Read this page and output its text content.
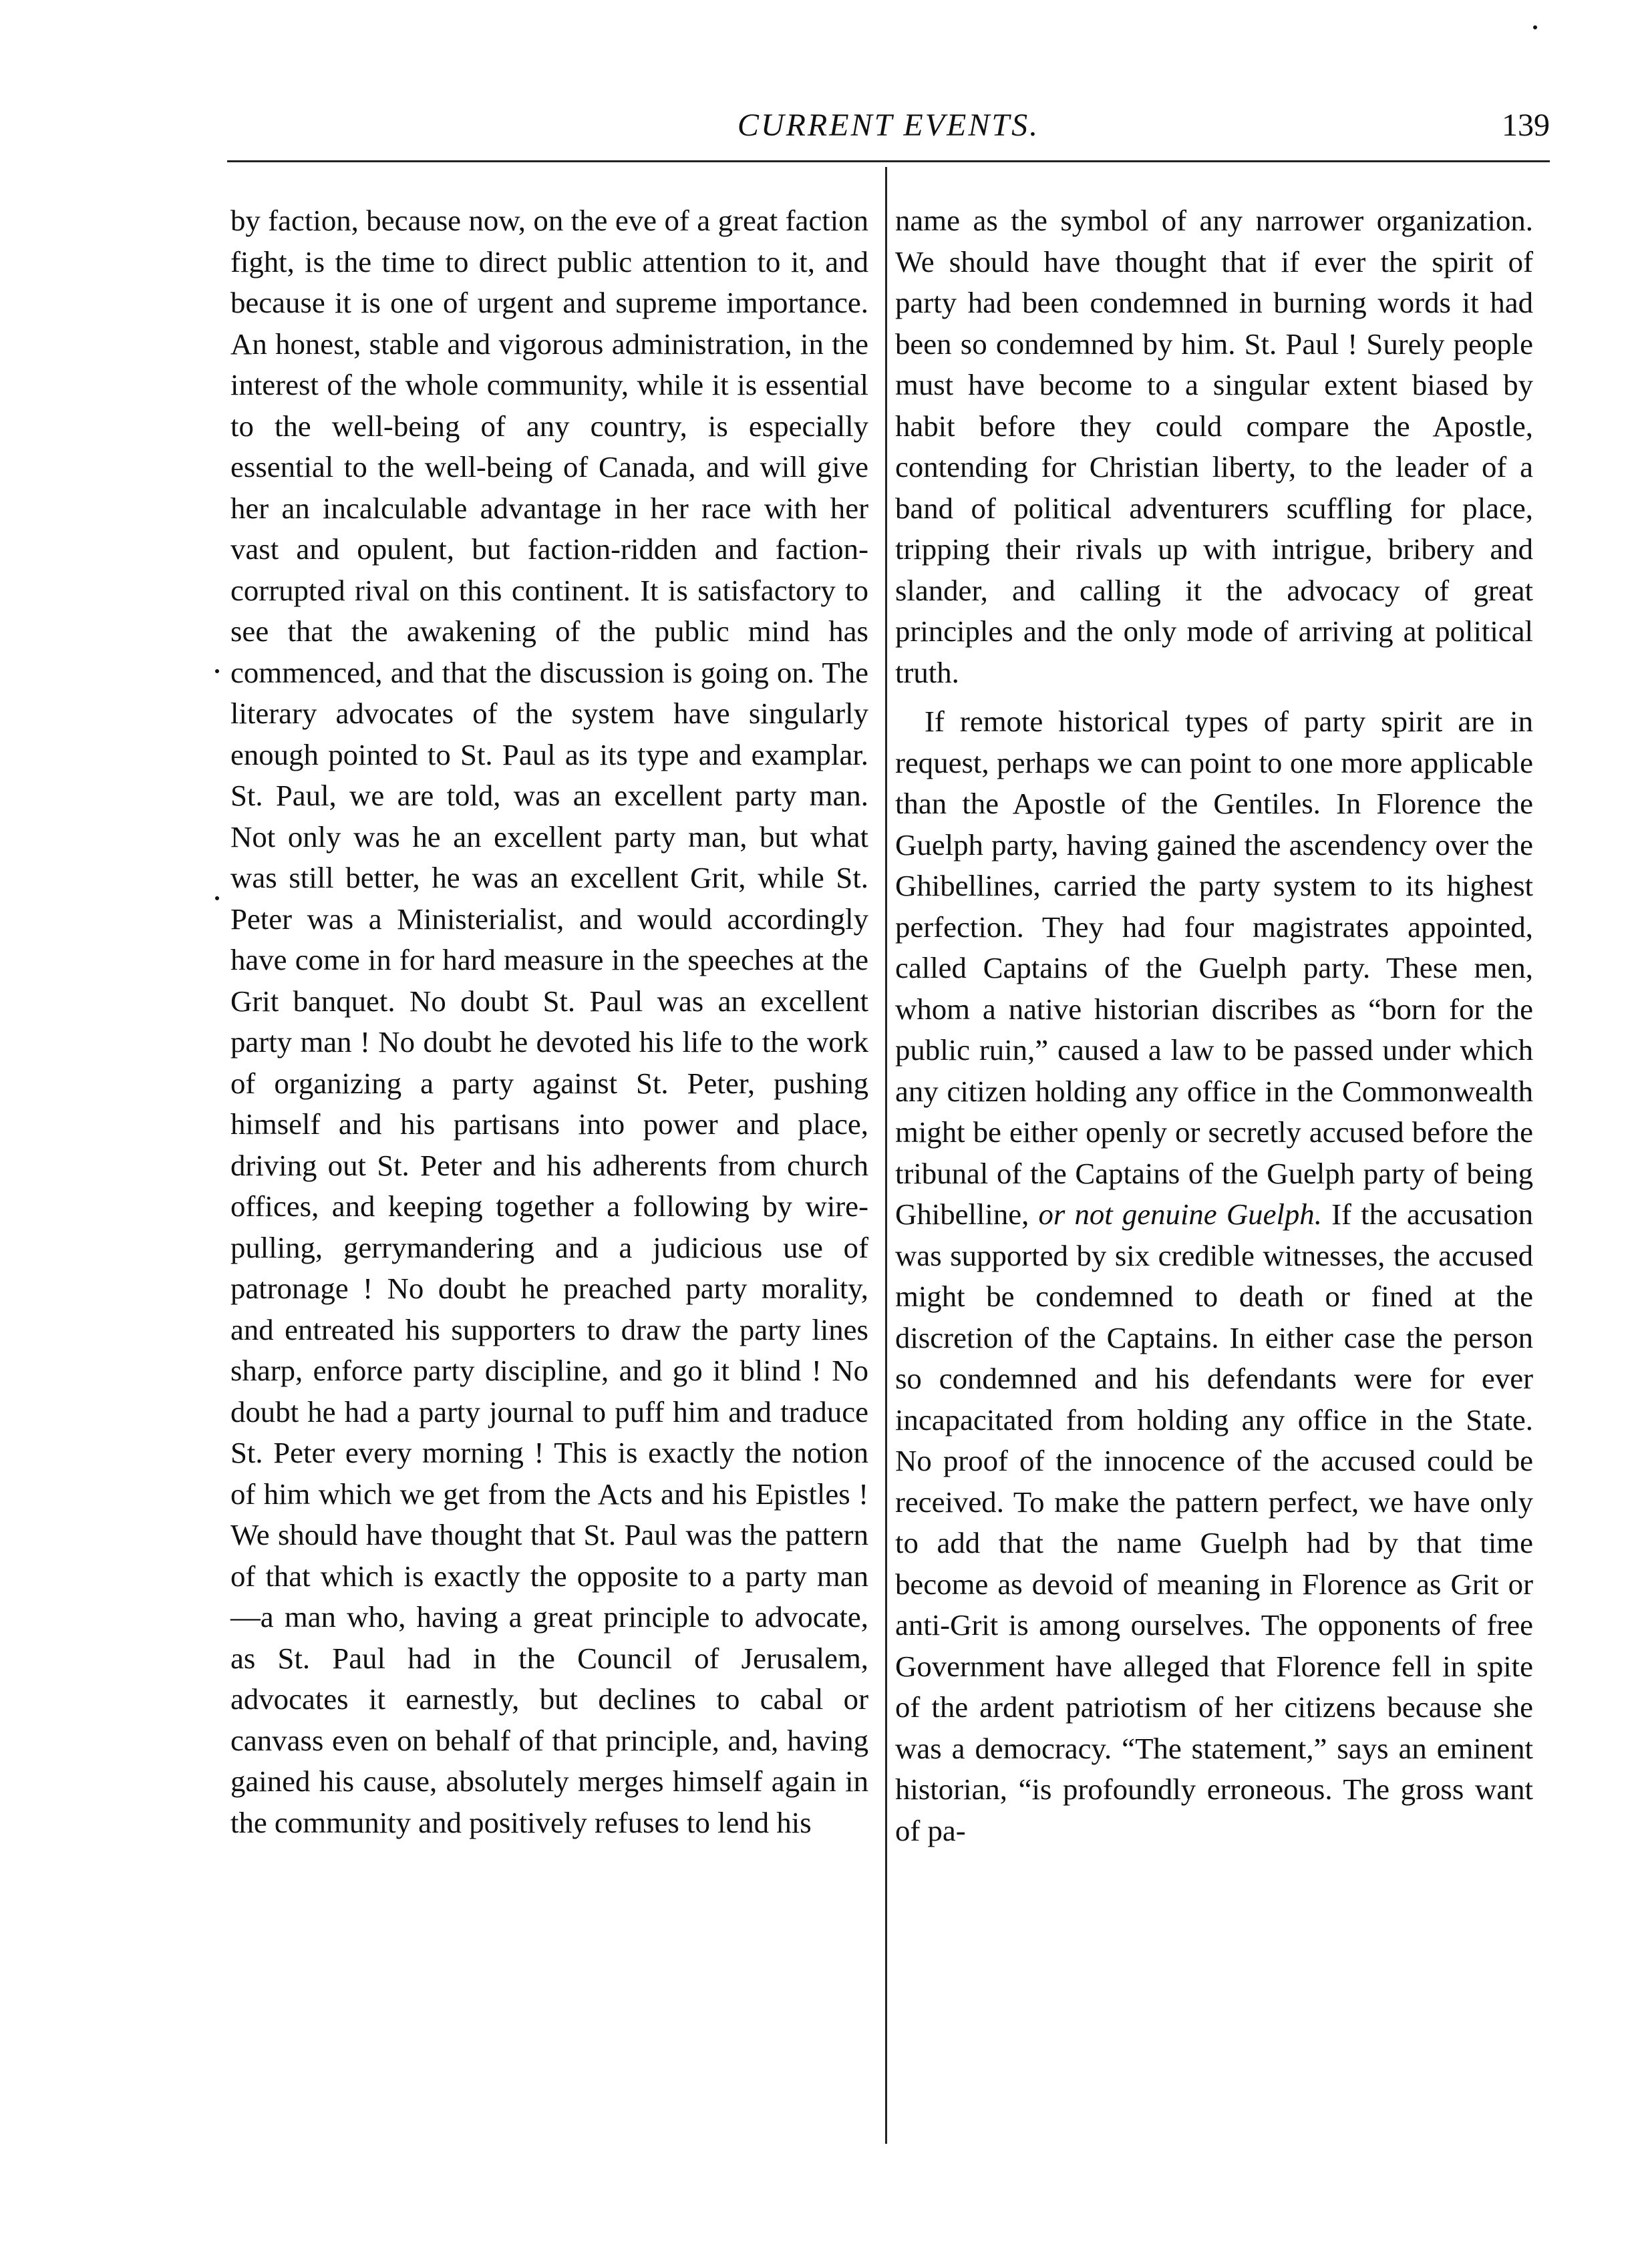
CURRENT EVENTS.	139

by faction, because now, on the eve of a great faction fight, is the time to direct public attention to it, and because it is one of urgent and supreme importance. An honest, stable and vigorous administration, in the interest of the whole community, while it is essential to the well-being of any country, is especially essential to the well-being of Canada, and will give her an incalculable advantage in her race with her vast and opulent, but faction-ridden and faction-corrupted rival on this continent. It is satisfactory to see that the awakening of the public mind has commenced, and that the discussion is going on. The literary advocates of the system have singularly enough pointed to St. Paul as its type and examplar. St. Paul, we are told, was an excellent party man. Not only was he an excellent party man, but what was still better, he was an excellent Grit, while St. Peter was a Ministerialist, and would accordingly have come in for hard measure in the speeches at the Grit banquet. No doubt St. Paul was an excellent party man ! No doubt he devoted his life to the work of organizing a party against St. Peter, pushing himself and his partisans into power and place, driving out St. Peter and his adherents from church offices, and keeping together a following by wire-pulling, gerrymandering and a judicious use of patronage ! No doubt he preached party morality, and entreated his supporters to draw the party lines sharp, enforce party discipline, and go it blind ! No doubt he had a party journal to puff him and traduce St. Peter every morning ! This is exactly the notion of him which we get from the Acts and his Epistles ! We should have thought that St. Paul was the pattern of that which is exactly the opposite to a party man—a man who, having a great principle to advocate, as St. Paul had in the Council of Jerusalem, advocates it earnestly, but declines to cabal or canvass even on behalf of that principle, and, having gained his cause, absolutely merges himself again in the community and positively refuses to lend his

name as the symbol of any narrower organization. We should have thought that if ever the spirit of party had been condemned in burning words it had been so condemned by him. St. Paul ! Surely people must have become to a singular extent biased by habit before they could compare the Apostle, contending for Christian liberty, to the leader of a band of political adventurers scuffling for place, tripping their rivals up with intrigue, bribery and slander, and calling it the advocacy of great principles and the only mode of arriving at political truth.

If remote historical types of party spirit are in request, perhaps we can point to one more applicable than the Apostle of the Gentiles. In Florence the Guelph party, having gained the ascendency over the Ghibellines, carried the party system to its highest perfection. They had four magistrates appointed, called Captains of the Guelph party. These men, whom a native historian discribes as “born for the public ruin,” caused a law to be passed under which any citizen holding any office in the Commonwealth might be either openly or secretly accused before the tribunal of the Captains of the Guelph party of being Ghibelline, or not genuine Guelph. If the accusation was supported by six credible witnesses, the accused might be condemned to death or fined at the discretion of the Captains. In either case the person so condemned and his defendants were for ever incapacitated from holding any office in the State. No proof of the innocence of the accused could be received. To make the pattern perfect, we have only to add that the name Guelph had by that time become as devoid of meaning in Florence as Grit or anti-Grit is among ourselves. The opponents of free Government have alleged that Florence fell in spite of the ardent patriotism of her citizens because she was a democracy. “The statement,” says an eminent historian, “is profoundly erroneous. The gross want of pa-
